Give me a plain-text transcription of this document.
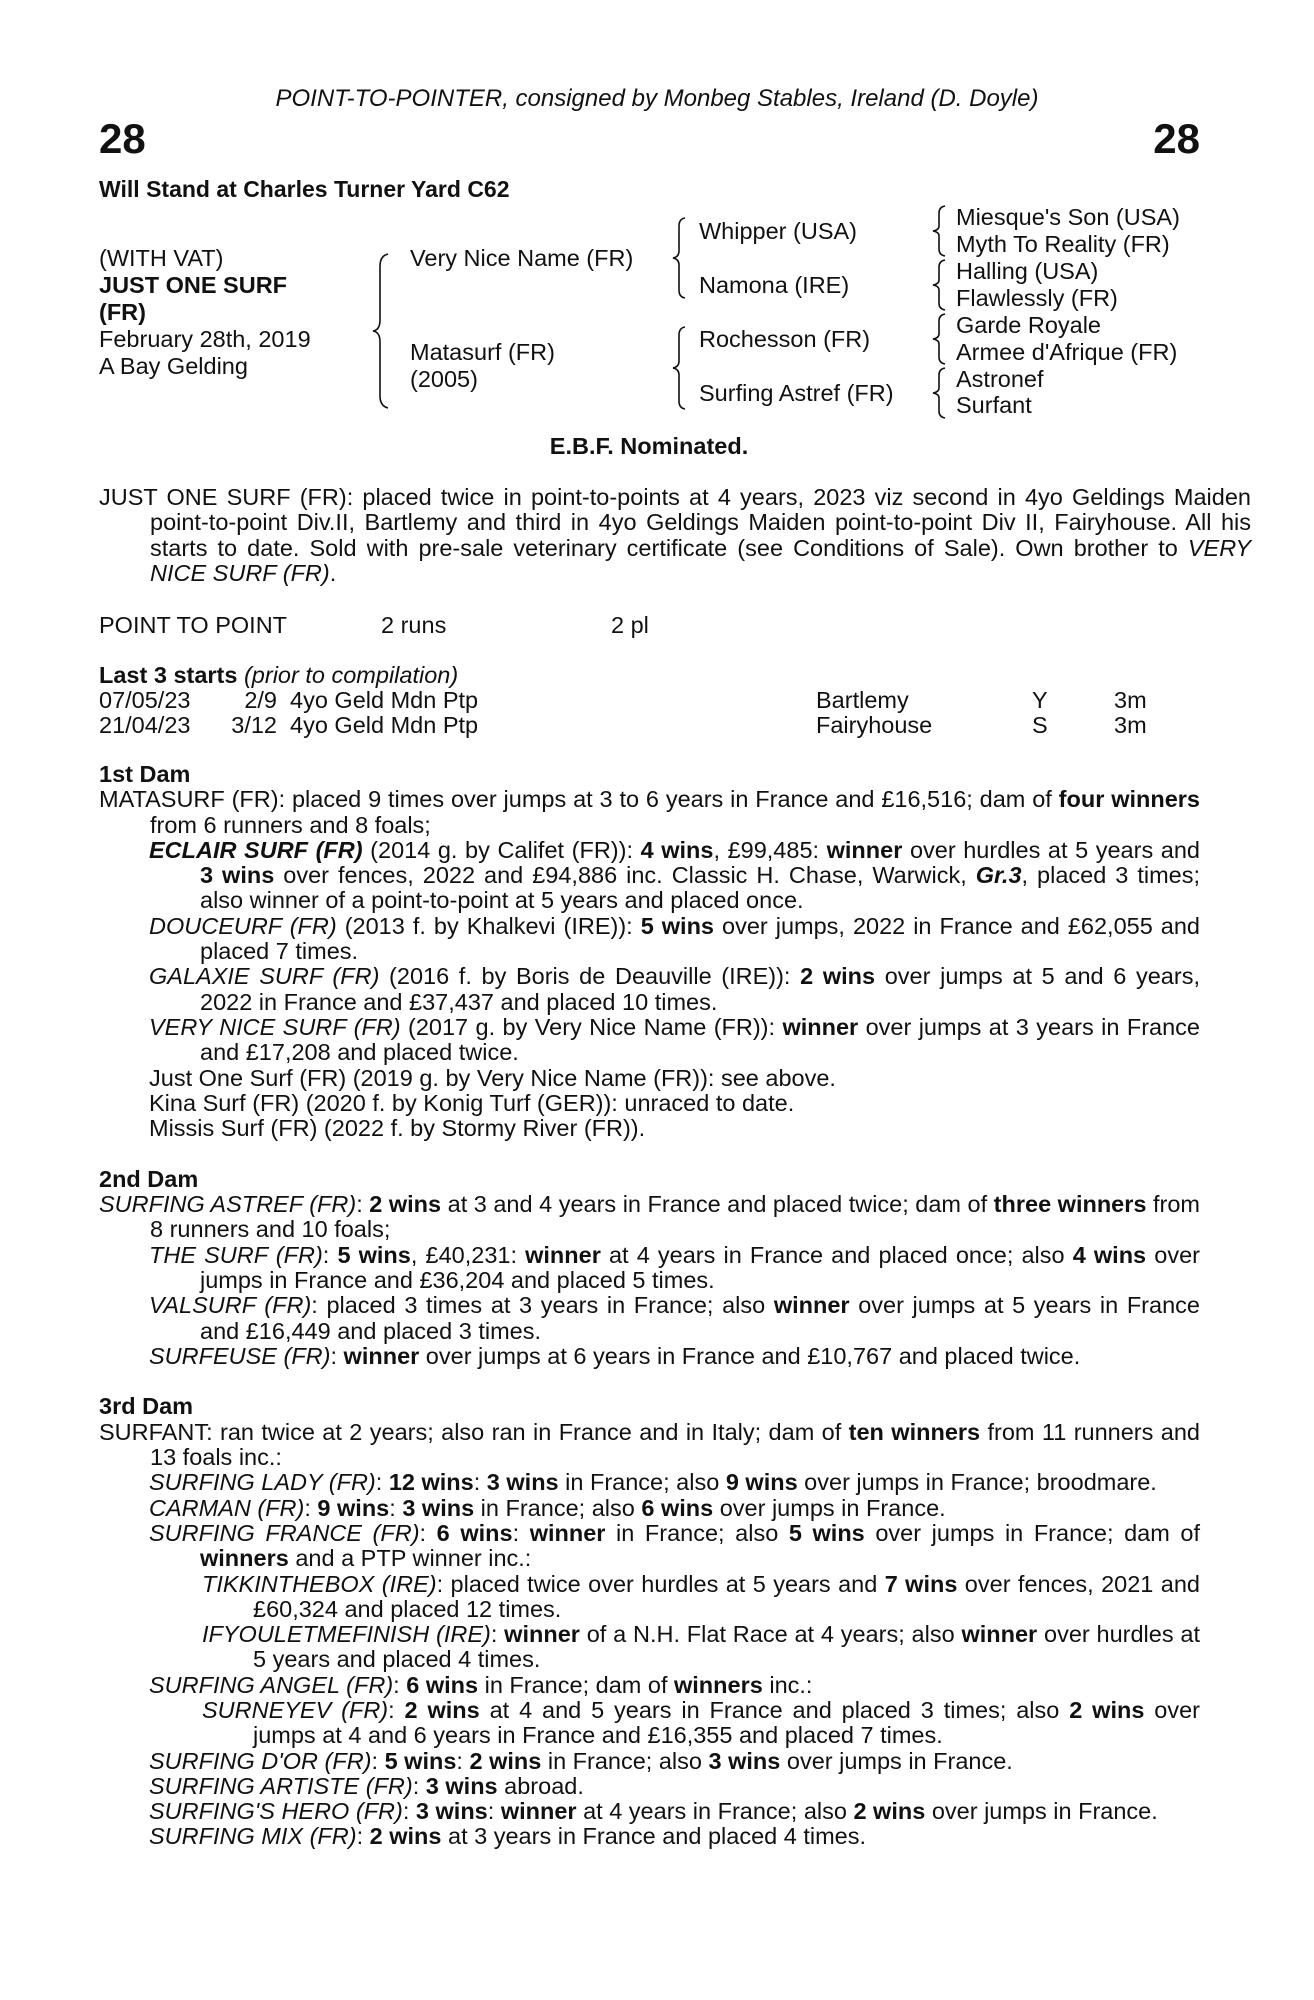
POINT-TO-POINTER, consigned by Monbeg Stables, Ireland (D. Doyle)
28	28
Will Stand at Charles Turner Yard C62
(WITH VAT)
JUST ONE SURF
(FR)
February 28th, 2019
A Bay Gelding
Very Nice Name (FR)
Matasurf (FR)
(2005)
Whipper (USA)
Namona (IRE)
Rochesson (FR)
Surfing Astref (FR)
Miesque's Son (USA)
Myth To Reality (FR)
Halling (USA)
Flawlessly (FR)
Garde Royale
Armee d'Afrique (FR)
Astronef
Surfant
E.B.F. Nominated.
JUST ONE SURF (FR): placed twice in point-to-points at 4 years, 2023 viz second in 4yo Geldings Maiden point-to-point Div.II, Bartlemy and third in 4yo Geldings Maiden point-to-point Div II, Fairyhouse. All his starts to date. Sold with pre-sale veterinary certificate (see Conditions of Sale). Own brother to VERY NICE SURF (FR).
POINT TO POINT	2 runs	2 pl
Last 3 starts (prior to compilation)
07/05/23 2/9 4yo Geld Mdn Ptp	Bartlemy	Y	3m
21/04/23 3/12 4yo Geld Mdn Ptp	Fairyhouse	S	3m
1st Dam
MATASURF (FR): placed 9 times over jumps at 3 to 6 years in France and £16,516; dam of four winners from 6 runners and 8 foals;
ECLAIR SURF (FR) (2014 g. by Califet (FR)): 4 wins, £99,485: winner over hurdles at 5 years and 3 wins over fences, 2022 and £94,886 inc. Classic H. Chase, Warwick, Gr.3, placed 3 times; also winner of a point-to-point at 5 years and placed once.
DOUCEURF (FR) (2013 f. by Khalkevi (IRE)): 5 wins over jumps, 2022 in France and £62,055 and placed 7 times.
GALAXIE SURF (FR) (2016 f. by Boris de Deauville (IRE)): 2 wins over jumps at 5 and 6 years, 2022 in France and £37,437 and placed 10 times.
VERY NICE SURF (FR) (2017 g. by Very Nice Name (FR)): winner over jumps at 3 years in France and £17,208 and placed twice.
Just One Surf (FR) (2019 g. by Very Nice Name (FR)): see above.
Kina Surf (FR) (2020 f. by Konig Turf (GER)): unraced to date.
Missis Surf (FR) (2022 f. by Stormy River (FR)).
2nd Dam
SURFING ASTREF (FR): 2 wins at 3 and 4 years in France and placed twice; dam of three winners from 8 runners and 10 foals;
THE SURF (FR): 5 wins, £40,231: winner at 4 years in France and placed once; also 4 wins over jumps in France and £36,204 and placed 5 times.
VALSURF (FR): placed 3 times at 3 years in France; also winner over jumps at 5 years in France and £16,449 and placed 3 times.
SURFEUSE (FR): winner over jumps at 6 years in France and £10,767 and placed twice.
3rd Dam
SURFANT: ran twice at 2 years; also ran in France and in Italy; dam of ten winners from 11 runners and 13 foals inc.:
SURFING LADY (FR): 12 wins: 3 wins in France; also 9 wins over jumps in France; broodmare.
CARMAN (FR): 9 wins: 3 wins in France; also 6 wins over jumps in France.
SURFING FRANCE (FR): 6 wins: winner in France; also 5 wins over jumps in France; dam of winners and a PTP winner inc.:
TIKKINTHEBOX (IRE): placed twice over hurdles at 5 years and 7 wins over fences, 2021 and £60,324 and placed 12 times.
IFYOULETMEFINISH (IRE): winner of a N.H. Flat Race at 4 years; also winner over hurdles at 5 years and placed 4 times.
SURFING ANGEL (FR): 6 wins in France; dam of winners inc.:
SURNEYEV (FR): 2 wins at 4 and 5 years in France and placed 3 times; also 2 wins over jumps at 4 and 6 years in France and £16,355 and placed 7 times.
SURFING D'OR (FR): 5 wins: 2 wins in France; also 3 wins over jumps in France.
SURFING ARTISTE (FR): 3 wins abroad.
SURFING'S HERO (FR): 3 wins: winner at 4 years in France; also 2 wins over jumps in France.
SURFING MIX (FR): 2 wins at 3 years in France and placed 4 times.
